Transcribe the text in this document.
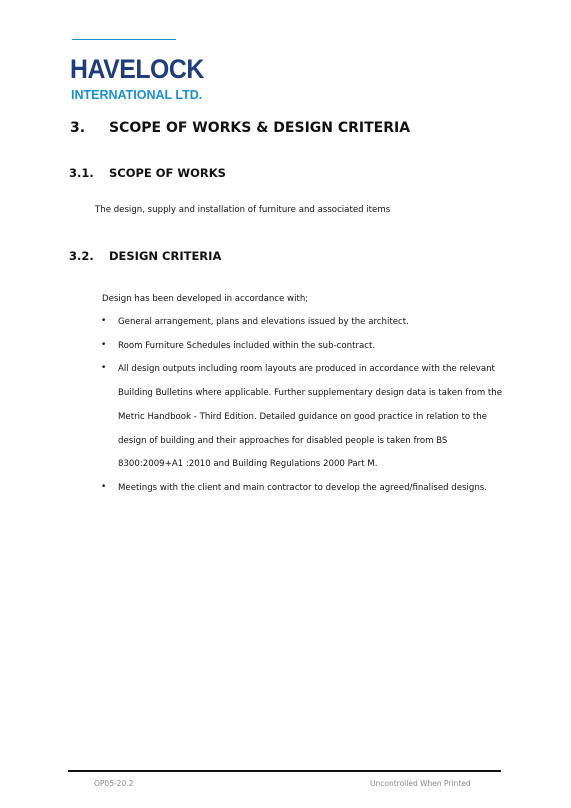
HAVELOCK
INTERNATIONAL LTD.
3. SCOPE OF WORKS & DESIGN CRITERIA
3.1. SCOPE OF WORKS
The design, supply and installation of furniture and associated items
3.2. DESIGN CRITERIA
Design has been developed in accordance with;
• General arrangement, plans and elevations issued by the architect.
• Room Furniture Schedules included within the sub-contract.
• All design outputs including room layouts are produced in accordance with the relevant
Building Bulletins where applicable. Further supplementary design data is taken from the
Metric Handbook - Third Edition. Detailed guidance on good practice in relation to the
design of building and their approaches for disabled people is taken from BS
8300:2009+A1 :2010 and Building Regulations 2000 Part M.
• Meetings with the client and main contractor to develop the agreed/finalised designs.
OP05-20.2	Uncontrolled When Printed
